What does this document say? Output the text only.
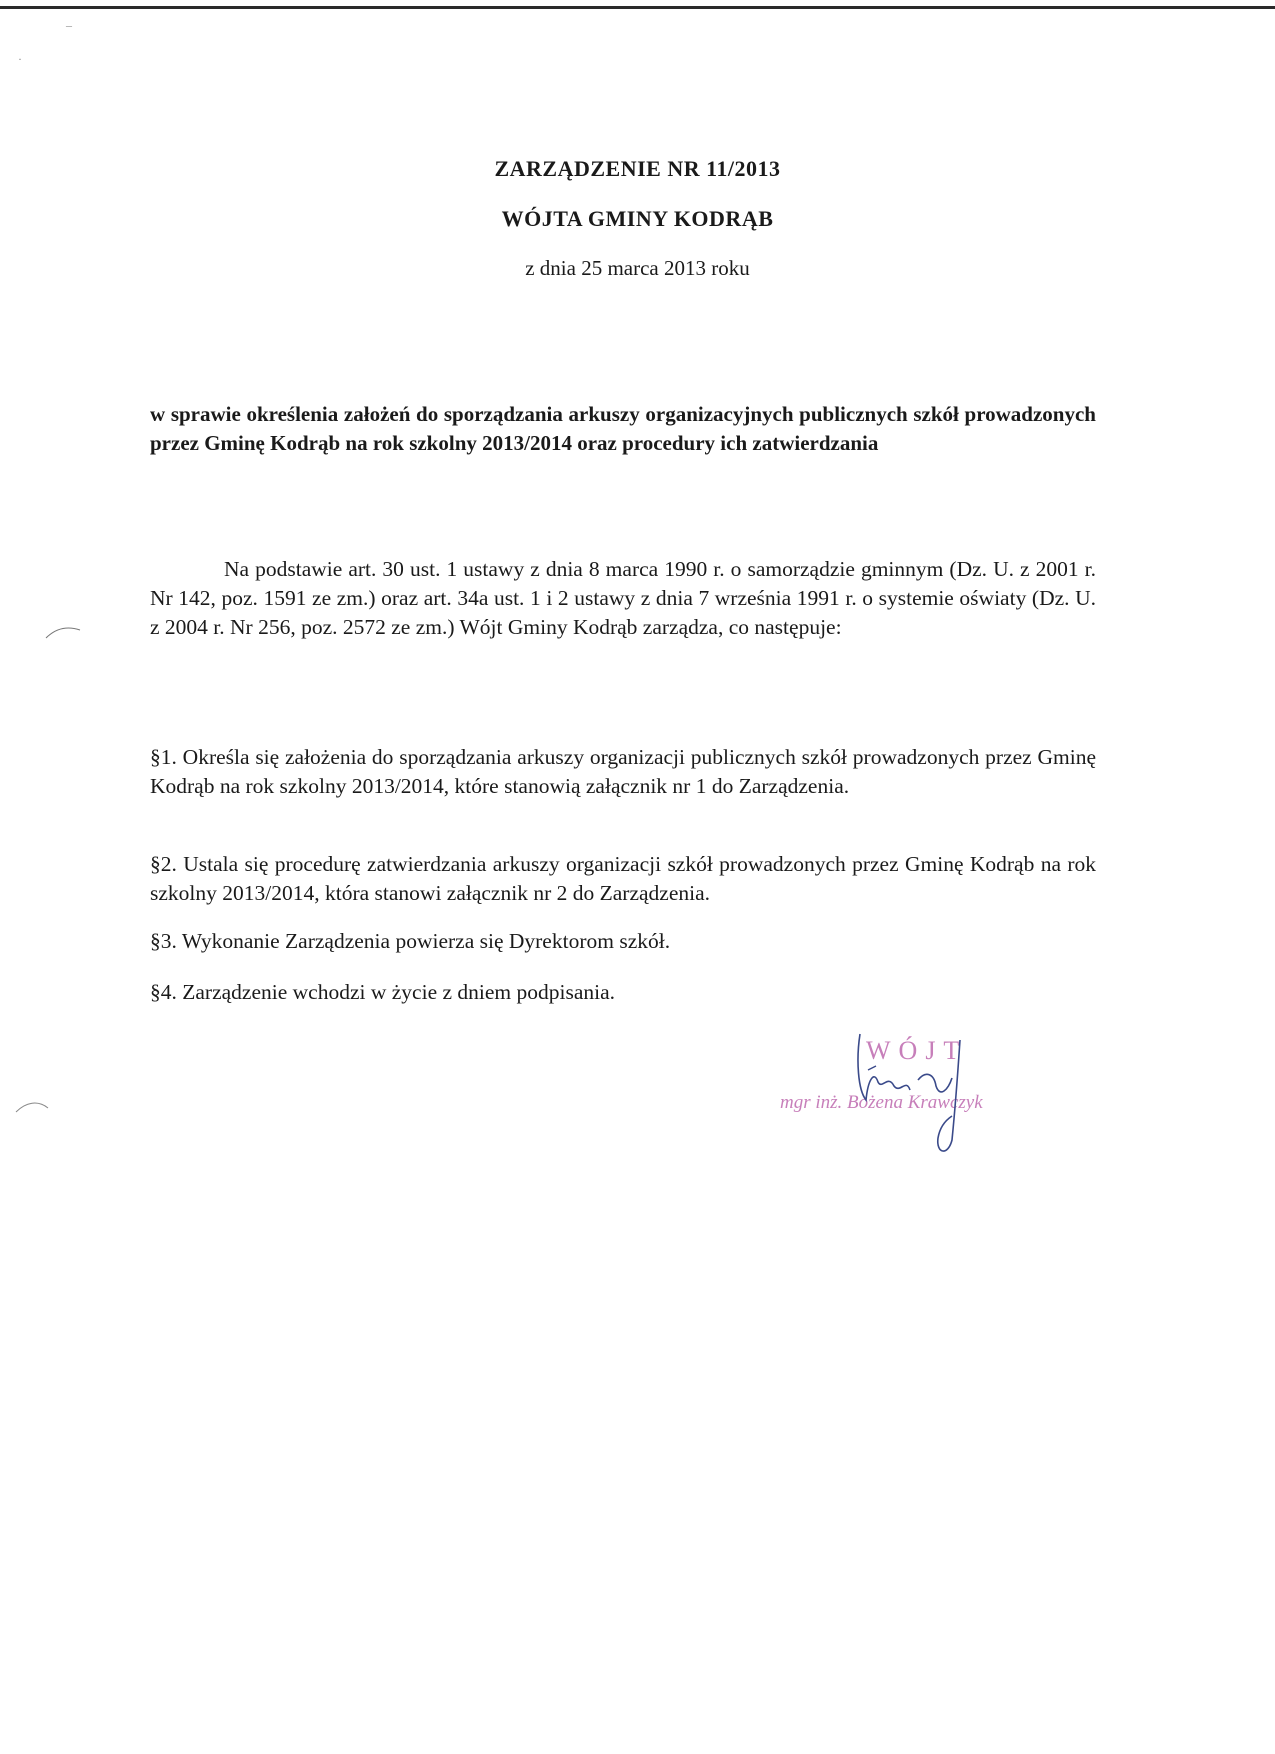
–
·
ZARZĄDZENIE NR 11/2013
WÓJTA GMINY KODRĄB
z dnia 25 marca 2013 roku
w sprawie określenia założeń do sporządzania arkuszy organizacyjnych publicznych szkół prowadzonych przez Gminę Kodrąb na rok szkolny 2013/2014 oraz procedury ich zatwierdzania
Na podstawie art. 30 ust. 1 ustawy z dnia 8 marca 1990 r. o samorządzie gminnym (Dz. U. z 2001 r. Nr 142, poz. 1591 ze zm.) oraz art. 34a ust. 1 i 2 ustawy z dnia 7 września 1991 r. o systemie oświaty (Dz. U. z 2004 r. Nr 256, poz. 2572 ze zm.) Wójt Gminy Kodrąb zarządza, co następuje:
§1. Określa się założenia do sporządzania arkuszy organizacji publicznych szkół prowadzonych przez Gminę Kodrąb na rok szkolny 2013/2014, które stanowią załącznik nr 1 do Zarządzenia.
§2. Ustala się procedurę zatwierdzania arkuszy organizacji szkół prowadzonych przez Gminę Kodrąb na rok szkolny 2013/2014, która stanowi załącznik nr 2 do Zarządzenia.
§3. Wykonanie Zarządzenia powierza się Dyrektorom szkół.
§4. Zarządzenie wchodzi w życie z dniem podpisania.
WÓJT
mgr inż. Bożena Krawczyk
